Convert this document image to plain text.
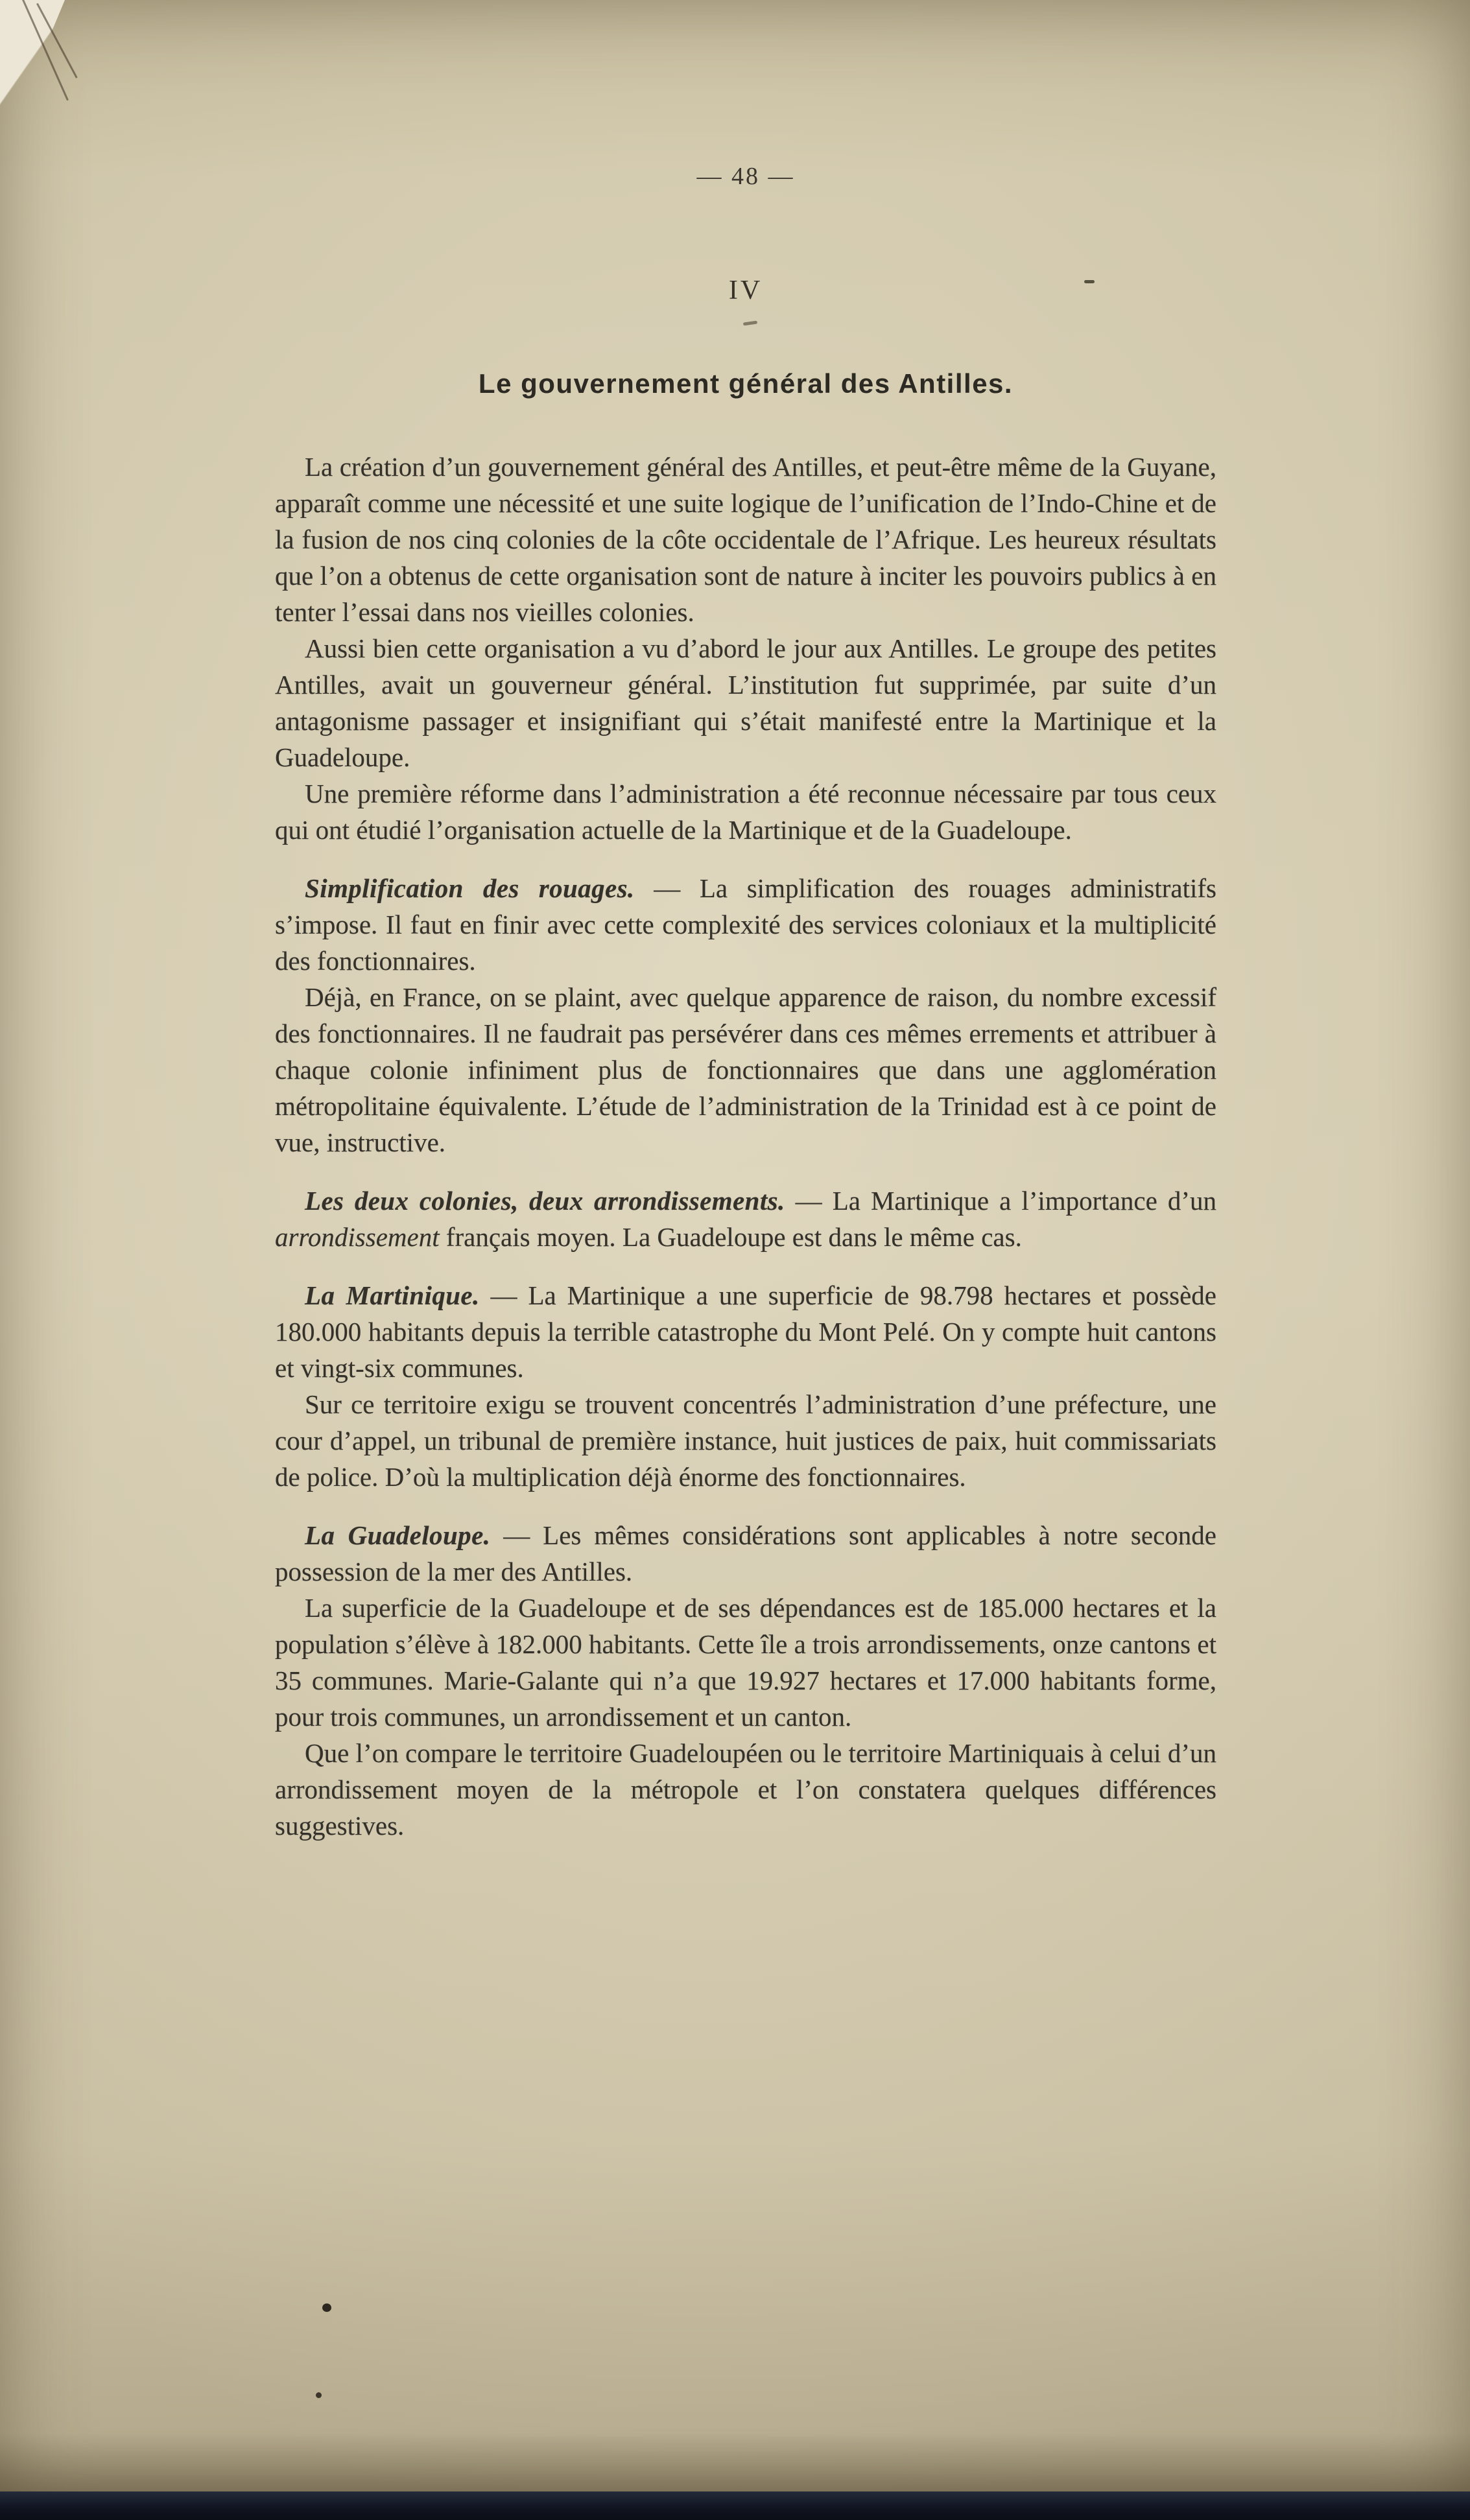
— 48 —
IV
Le gouvernement général des Antilles.

La création d’un gouvernement général des Antilles, et peut-être même de la Guyane, apparaît comme une nécessité et une suite logique de l’unification de l’Indo-Chine et de la fusion de nos cinq colonies de la côte occidentale de l’Afrique. Les heureux résultats que l’on a obtenus de cette organisation sont de nature à inciter les pouvoirs publics à en tenter l’essai dans nos vieilles colonies.

Aussi bien cette organisation a vu d’abord le jour aux Antilles. Le groupe des petites Antilles, avait un gouverneur général. L’institution fut supprimée, par suite d’un antagonisme passager et insignifiant qui s’était manifesté entre la Martinique et la Guadeloupe.

Une première réforme dans l’administration a été reconnue nécessaire par tous ceux qui ont étudié l’organisation actuelle de la Martinique et de la Guadeloupe.

Simplification des rouages. — La simplification des rouages administratifs s’impose. Il faut en finir avec cette complexité des services coloniaux et la multiplicité des fonctionnaires.

Déjà, en France, on se plaint, avec quelque apparence de raison, du nombre excessif des fonctionnaires. Il ne faudrait pas persévérer dans ces mêmes errements et attribuer à chaque colonie infiniment plus de fonctionnaires que dans une agglomération métropolitaine équivalente. L’étude de l’administration de la Trinidad est à ce point de vue, instructive.

Les deux colonies, deux arrondissements. — La Martinique a l’importance d’un arrondissement français moyen. La Guadeloupe est dans le même cas.

La Martinique. — La Martinique a une superficie de 98.798 hectares et possède 180.000 habitants depuis la terrible catastrophe du Mont Pelé. On y compte huit cantons et vingt-six communes.

Sur ce territoire exigu se trouvent concentrés l’administration d’une préfecture, une cour d’appel, un tribunal de première instance, huit justices de paix, huit commissariats de police. D’où la multiplication déjà énorme des fonctionnaires.

La Guadeloupe. — Les mêmes considérations sont applicables à notre seconde possession de la mer des Antilles.

La superficie de la Guadeloupe et de ses dépendances est de 185.000 hectares et la population s’élève à 182.000 habitants. Cette île a trois arrondissements, onze cantons et 35 communes. Marie-Galante qui n’a que 19.927 hectares et 17.000 habitants forme, pour trois communes, un arrondissement et un canton.

Que l’on compare le territoire Guadeloupéen ou le territoire Martiniquais à celui d’un arrondissement moyen de la métropole et l’on constatera quelques différences suggestives.
